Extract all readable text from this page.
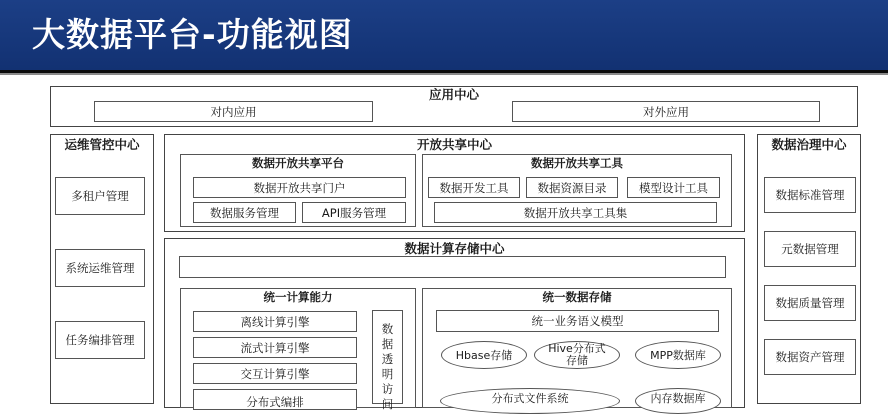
大数据平台-功能视图
应用中心
对内应用	对外应用
运维管控中心
多租户管理
系统运维管理
任务编排管理
数据治理中心
数据标准管理
元数据管理
数据质量管理
数据资产管理
开放共享中心
数据开放共享平台
数据开放共享门户
数据服务管理	API服务管理
数据开放共享工具
数据开发工具	数据资源目录	模型设计工具
数据开放共享工具集
数据计算存储中心
统一计算能力
离线计算引擎
流式计算引擎
交互计算引擎
分布式编排
数
据
透
明
访
问
统一数据存储
统一业务语义模型
Hbase存储	Hive分布式存储	MPP数据库
分布式文件系统	内存数据库
